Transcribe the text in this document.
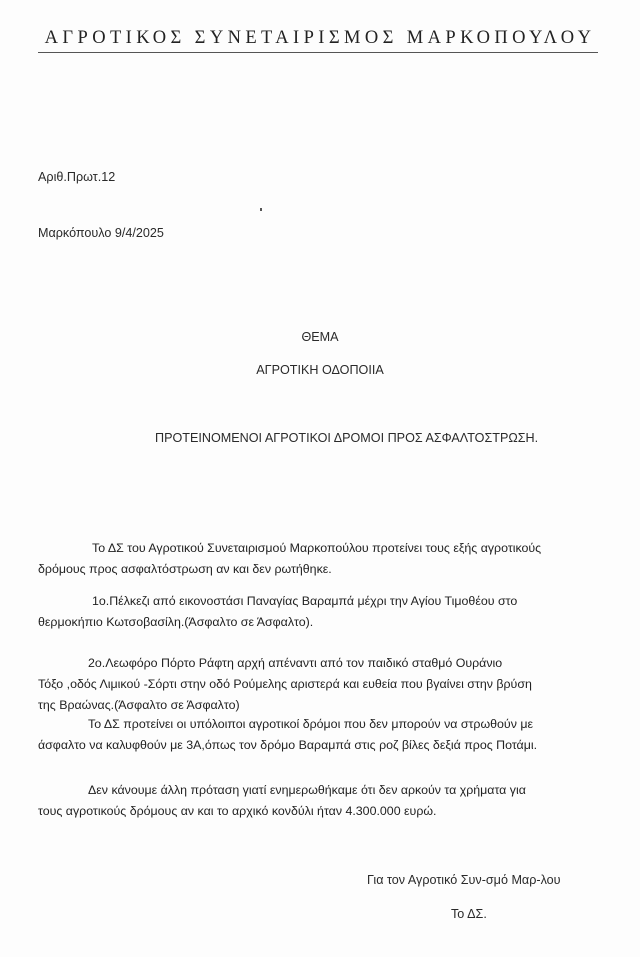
ΑΓΡΟΤΙΚΟΣ ΣΥΝΕΤΑΙΡΙΣΜΟΣ ΜΑΡΚΟΠΟΥΛΟΥ
Αριθ.Πρωτ.12
Μαρκόπουλο 9/4/2025
ΘΕΜΑ
ΑΓΡΟΤΙΚΗ ΟΔΟΠΟΙΙΑ
ΠΡΟΤΕΙΝΟΜΕΝΟΙ ΑΓΡΟΤΙΚΟΙ ΔΡΟΜΟΙ ΠΡΟΣ ΑΣΦΑΛΤΟΣΤΡΩΣΗ.
Το ΔΣ του Αγροτικού Συνεταιρισμού Μαρκοπούλου προτείνει τους εξής αγροτικούς
δρόμους προς ασφαλτόστρωση αν και δεν ρωτήθηκε.
1ο.Πέλκεζι από εικονοστάσι Παναγίας Βαραμπά μέχρι την Αγίου Τιμοθέου στο
θερμοκήπιο Κωτσοβασίλη.(Άσφαλτο σε Άσφαλτο).
2ο.Λεωφόρο Πόρτο Ράφτη αρχή απέναντι από τον παιδικό σταθμό Ουράνιο
Τόξο ,οδός Λιμικού -Σόρτι στην οδό Ρούμελης αριστερά και ευθεία που βγαίνει στην βρύση
της Βραώνας.(Άσφαλτο σε Άσφαλτο)
Το ΔΣ προτείνει οι υπόλοιποι αγροτικοί δρόμοι που δεν μπορούν να στρωθούν με
άσφαλτο να καλυφθούν με 3Α,όπως τον δρόμο Βαραμπά στις ροζ βίλες δεξιά προς Ποτάμι.
Δεν κάνουμε άλλη πρόταση γιατί ενημερωθήκαμε ότι δεν αρκούν τα χρήματα για
τους αγροτικούς δρόμους αν και το αρχικό κονδύλι ήταν 4.300.000 ευρώ.
Για τον Αγροτικό Συν-σμό Μαρ-λου
Το ΔΣ.
